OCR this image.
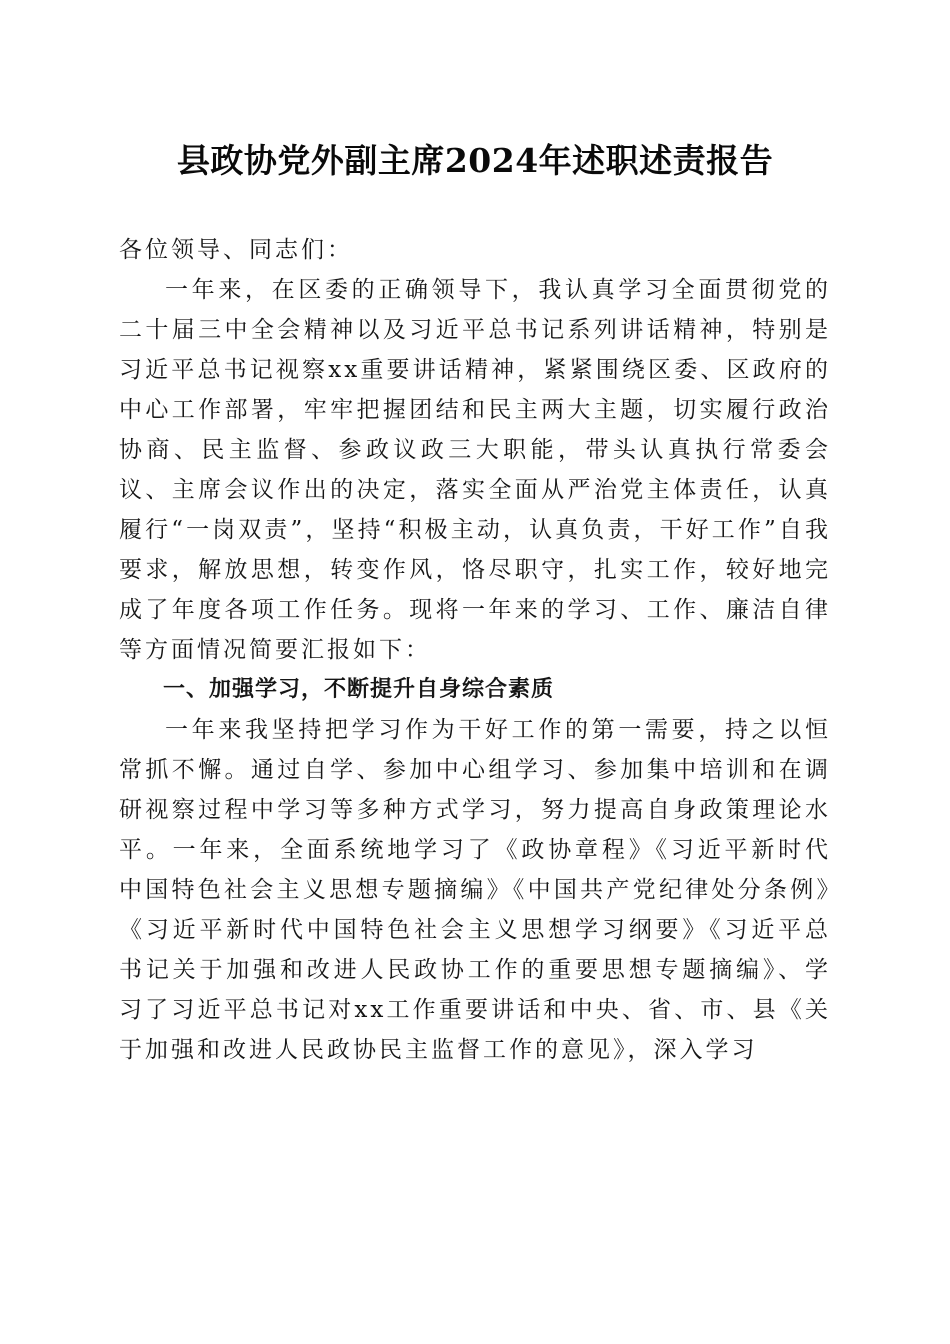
县政协党外副主席2024年述职述责报告

各位领导、同志们：

一年来，在区委的正确领导下，我认真学习全面贯彻党的二十届三中全会精神以及习近平总书记系列讲话精神，特别是习近平总书记视察xx重要讲话精神，紧紧围绕区委、区政府的中心工作部署，牢牢把握团结和民主两大主题，切实履行政治协商、民主监督、参政议政三大职能，带头认真执行常委会议、主席会议作出的决定，落实全面从严治党主体责任，认真履行“一岗双责”，坚持“积极主动，认真负责，干好工作”自我要求，解放思想，转变作风，恪尽职守，扎实工作，较好地完成了年度各项工作任务。现将一年来的学习、工作、廉洁自律等方面情况简要汇报如下：

一、加强学习，不断提升自身综合素质

一年来我坚持把学习作为干好工作的第一需要，持之以恒常抓不懈。通过自学、参加中心组学习、参加集中培训和在调研视察过程中学习等多种方式学习，努力提高自身政策理论水平。一年来，全面系统地学习了《政协章程》《习近平新时代中国特色社会主义思想专题摘编》《中国共产党纪律处分条例》《习近平新时代中国特色社会主义思想学习纲要》《习近平总书记关于加强和改进人民政协工作的重要思想专题摘编》、学习了习近平总书记对xx工作重要讲话和中央、省、市、县《关于加强和改进人民政协民主监督工作的意见》，深入学习
